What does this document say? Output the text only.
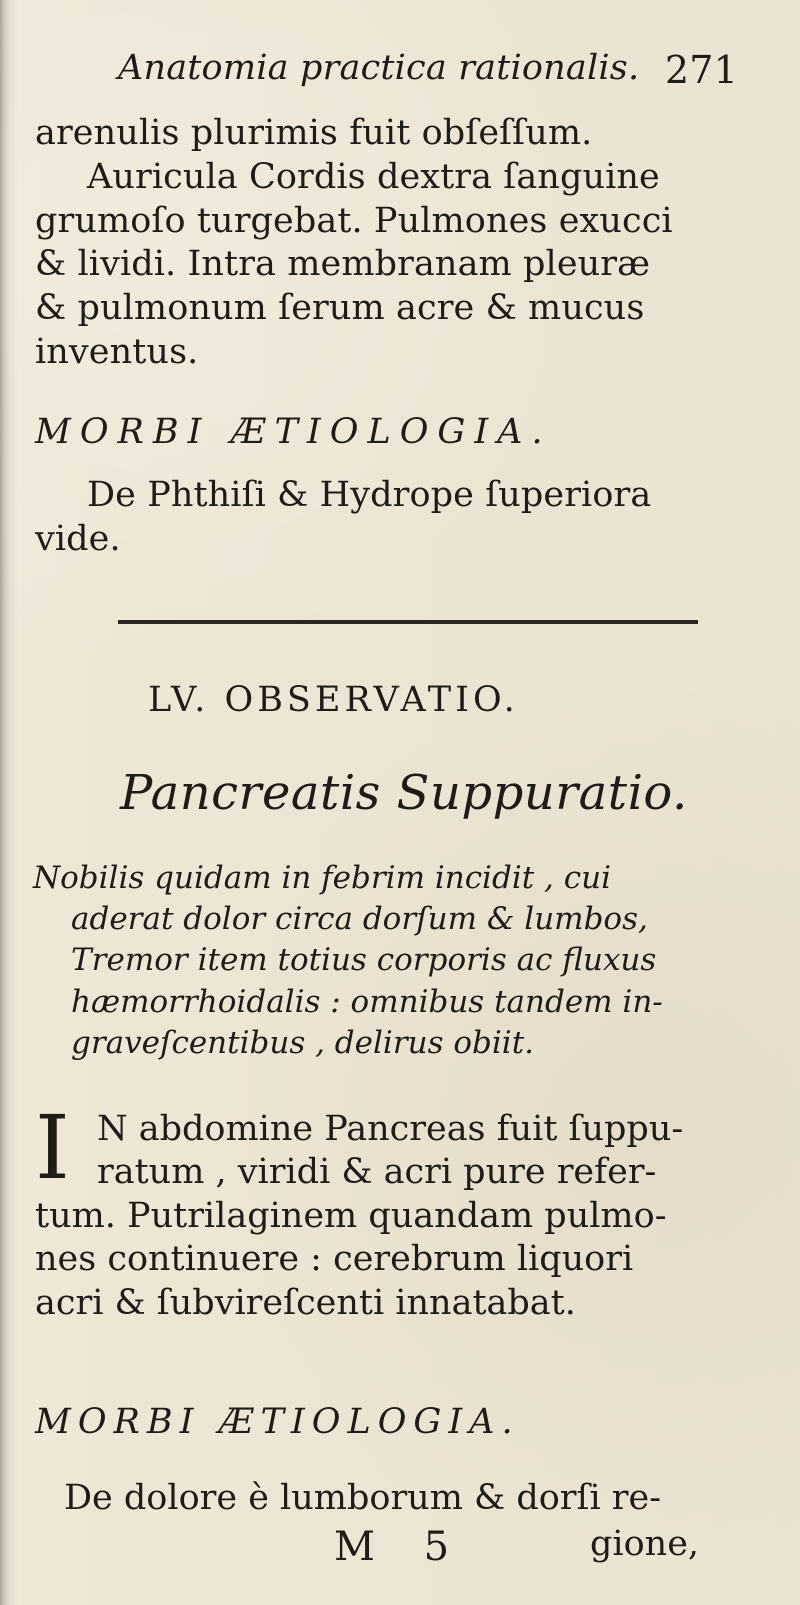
Anatomia practica rationalis. 271
arenulis plurimis fuit obſeſſum.
Auricula Cordis dextra ſanguine
grumoſo turgebat. Pulmones exucci
& lividi. Intra membranam pleuræ
& pulmonum ſerum acre & mucus
inventus.
MORBI ÆTIOLOGIA.
De Phthiſi & Hydrope ſuperiora
vide.
LV. OBSERVATIO.
Pancreatis Suppuratio.
Nobilis quidam in febrim incidit , cui
aderat dolor circa dorſum & lumbos,
Tremor item totius corporis ac fluxus
hæmorrhoidalis : omnibus tandem in-
graveſcentibus , delirus obiit.
I N abdomine Pancreas fuit ſuppu-
ratum , viridi & acri pure refer-
tum. Putrilaginem quandam pulmo-
nes continuere : cerebrum liquori
acri & ſubvireſcenti innatabat.
MORBI ÆTIOLOGIA.
De dolore è lumborum & dorſi re-
M 5	gione,
